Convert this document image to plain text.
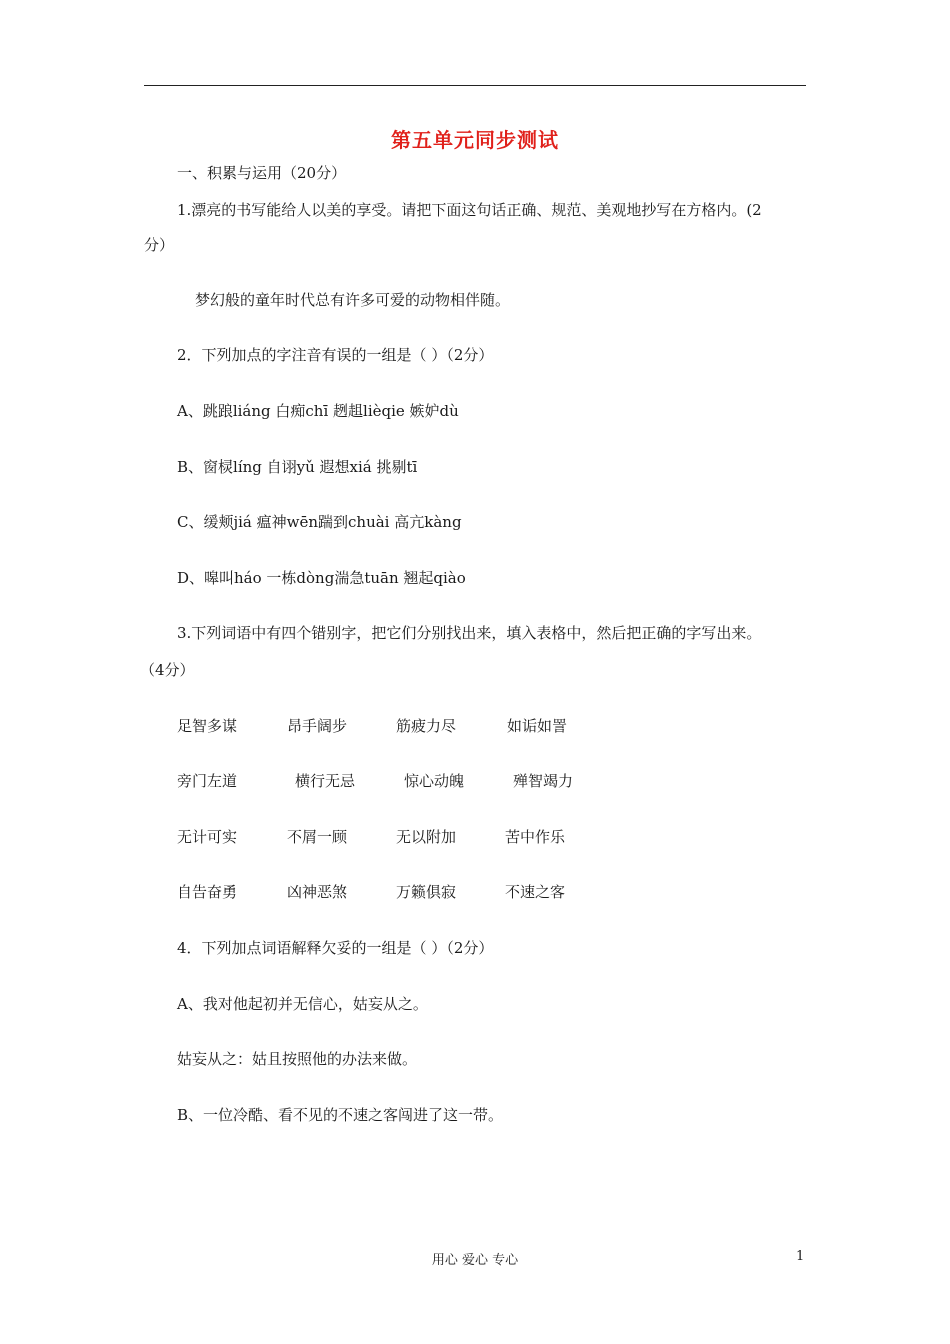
第五单元同步测试
一、积累与运用（20分）
1.漂亮的书写能给人以美的享受。请把下面这句话正确、规范、美观地抄写在方格内。(2
分）
梦幻般的童年时代总有许多可爱的动物相伴随。
2．下列加点的字注音有误的一组是（ ）（2分）
A、跳踉liáng 白痴chī 趔趄lièqie 嫉妒dù
B、窗棂líng 自诩yǔ 遐想xiá 挑剔tī
C、缓颊jiá 瘟神wēn踹到chuài 高亢kàng
D、嗥叫háo 一栋dòng湍急tuān 翘起qiào
3.下列词语中有四个错别字，把它们分别找出来，填入表格中，然后把正确的字写出来。
（4分）
足智多谋	昂手阔步	筋疲力尽	如诟如詈
旁门左道	横行无忌	惊心动魄	殚智竭力
无计可实	不屑一顾	无以附加	苦中作乐
自告奋勇	凶神恶煞	万籁俱寂	不速之客
4．下列加点词语解释欠妥的一组是（ ）（2分）
A、我对他起初并无信心，姑妄从之。
姑妄从之：姑且按照他的办法来做。
B、一位冷酷、看不见的不速之客闯进了这一带。
用心 爱心 专心	1
